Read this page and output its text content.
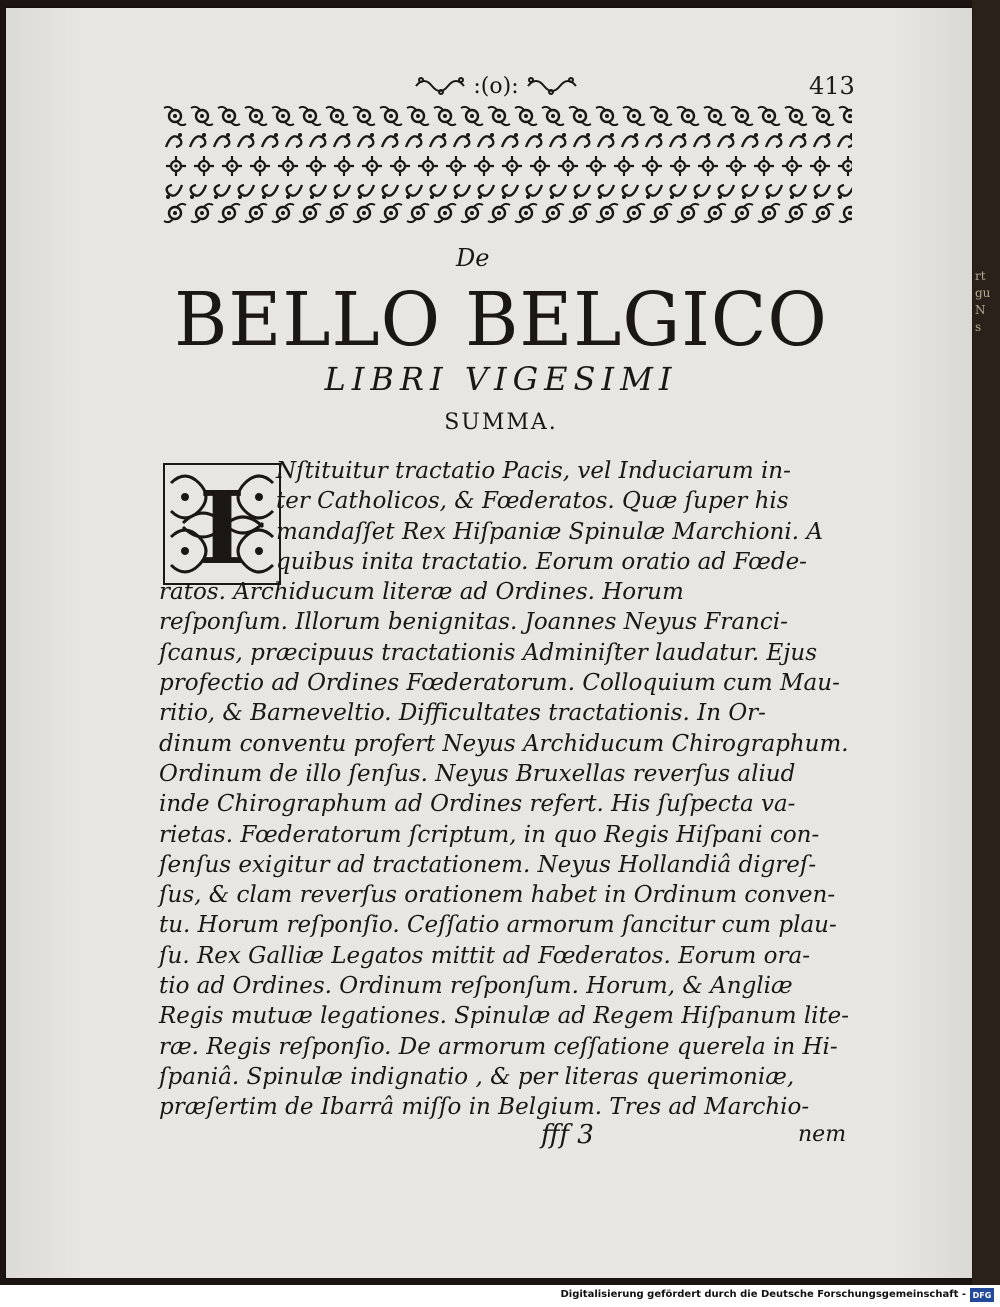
rt
gu
N
s
:(o):	413
De
BELLO BELGICO
LIBRI VIGESIMI
SUMMA.
I	Nſtituitur tractatio Pacis, vel Induciarum in-
ter Catholicos, & Fœderatos. Quæ ſuper his
mandaſſet Rex Hiſpaniæ Spinulæ Marchioni. A
quibus inita tractatio. Eorum oratio ad Fœde-
ratos. Archiducum literæ ad Ordines. Horum
reſponſum. Illorum benignitas. Joannes Neyus Franci-
ſcanus, præcipuus tractationis Adminiſter laudatur. Ejus
profectio ad Ordines Fœderatorum. Colloquium cum Mau-
ritio, & Barneveltio. Difficultates tractationis. In Or-
dinum conventu profert Neyus Archiducum Chirographum.
Ordinum de illo ſenſus. Neyus Bruxellas reverſus aliud
inde Chirographum ad Ordines refert. His ſuſpecta va-
rietas. Fœderatorum ſcriptum, in quo Regis Hiſpani con-
ſenſus exigitur ad tractationem. Neyus Hollandiâ digreſ-
ſus, & clam reverſus orationem habet in Ordinum conven-
tu. Horum reſponſio. Ceſſatio armorum ſancitur cum plau-
ſu. Rex Galliæ Legatos mittit ad Fœderatos. Eorum ora-
tio ad Ordines. Ordinum reſponſum. Horum, & Angliæ
Regis mutuæ legationes. Spinulæ ad Regem Hiſpanum lite-
ræ. Regis reſponſio. De armorum ceſſatione querela in Hi-
ſpaniâ. Spinulæ indignatio , & per literas querimoniæ,
præſertim de Ibarrâ miſſo in Belgium. Tres ad Marchio-
fff 3	nem
Digitalisierung gefördert durch die Deutsche Forschungsgemeinschaft - DFG
